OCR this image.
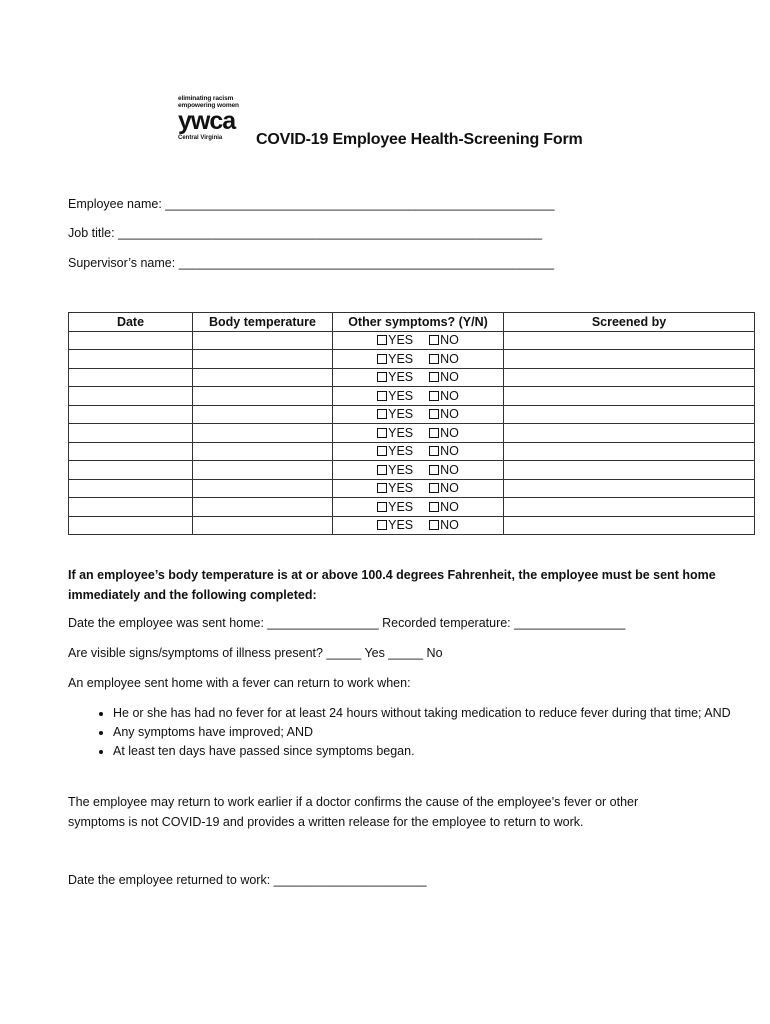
eliminating racism
empowering women
ywca
Central Virginia	COVID-19 Employee Health-Screening Form
Employee name: ________________________________________________________
Job title: _____________________________________________________________
Supervisor’s name: ______________________________________________________
Date	Body temperature	Other symptoms? (Y/N)	Screened by
		YES NO	
		YES NO	
		YES NO	
		YES NO	
		YES NO	
		YES NO	
		YES NO	
		YES NO	
		YES NO	
		YES NO	
		YES NO	
If an employee’s body temperature is at or above 100.4 degrees Fahrenheit, the employee must be sent home immediately and the following completed:
Date the employee was sent home: ________________ Recorded temperature: ________________
Are visible signs/symptoms of illness present? _____ Yes _____ No
An employee sent home with a fever can return to work when:
• He or she has had no fever for at least 24 hours without taking medication to reduce fever during that time; AND
• Any symptoms have improved; AND
• At least ten days have passed since symptoms began.
The employee may return to work earlier if a doctor confirms the cause of the employee’s fever or other symptoms is not COVID-19 and provides a written release for the employee to return to work.
Date the employee returned to work: ______________________
